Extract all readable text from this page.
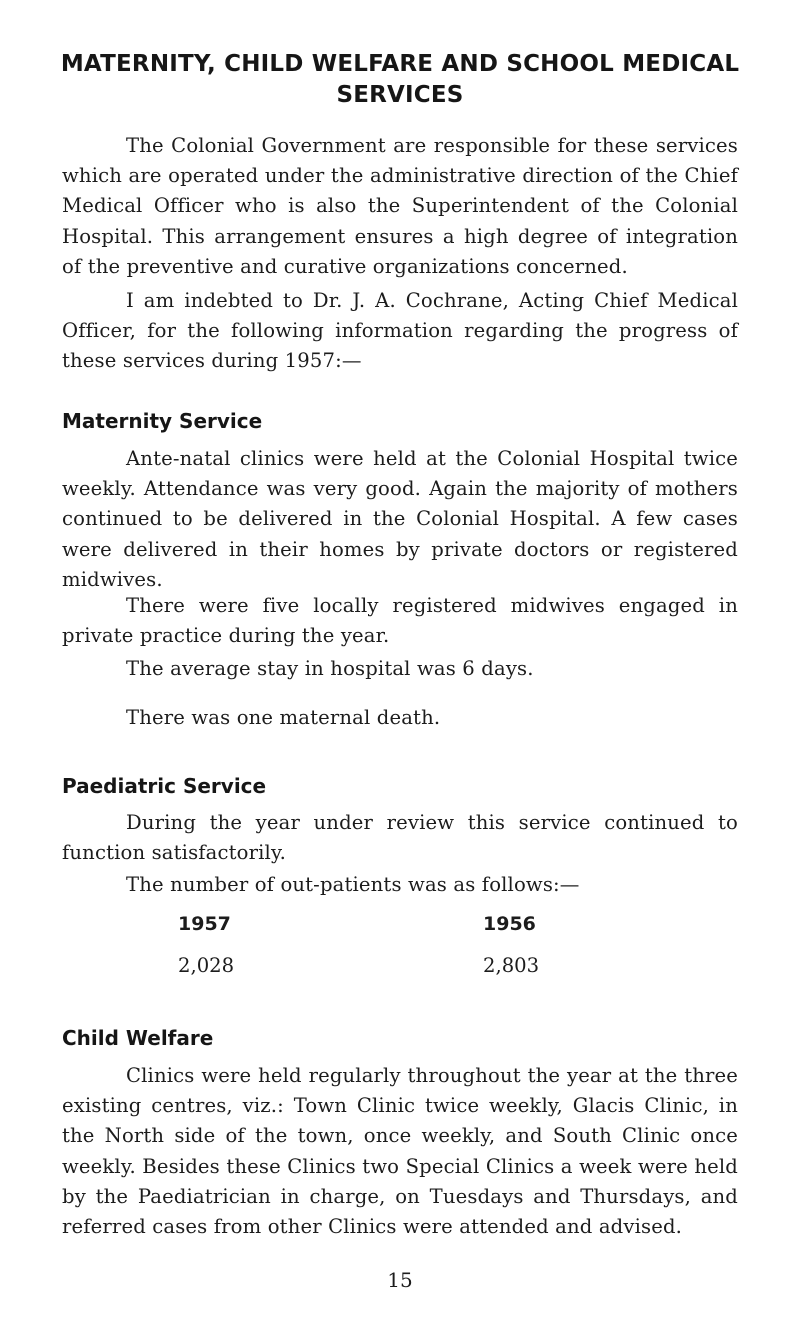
MATERNITY, CHILD WELFARE AND SCHOOL MEDICAL
SERVICES

The Colonial Government are responsible for these services which are operated under the administrative direction of the Chief Medical Officer who is also the Superintendent of the Colonial Hospital. This arrangement ensures a high degree of integration of the preventive and curative organizations concerned.

I am indebted to Dr. J. A. Cochrane, Acting Chief Medical Officer, for the following information regarding the progress of these services during 1957:—

Maternity Service

Ante-natal clinics were held at the Colonial Hospital twice weekly. Attendance was very good. Again the majority of mothers continued to be delivered in the Colonial Hospital. A few cases were delivered in their homes by private doctors or registered midwives.

There were five locally registered midwives engaged in private practice during the year.

The average stay in hospital was 6 days.

There was one maternal death.

Paediatric Service

During the year under review this service continued to function satisfactorily.

The number of out-patients was as follows:—

1957	1956

2,028	2,803

Child Welfare

Clinics were held regularly throughout the year at the three existing centres, viz.: Town Clinic twice weekly, Glacis Clinic, in the North side of the town, once weekly, and South Clinic once weekly. Besides these Clinics two Special Clinics a week were held by the Paediatrician in charge, on Tuesdays and Thursdays, and referred cases from other Clinics were attended and advised.

15
